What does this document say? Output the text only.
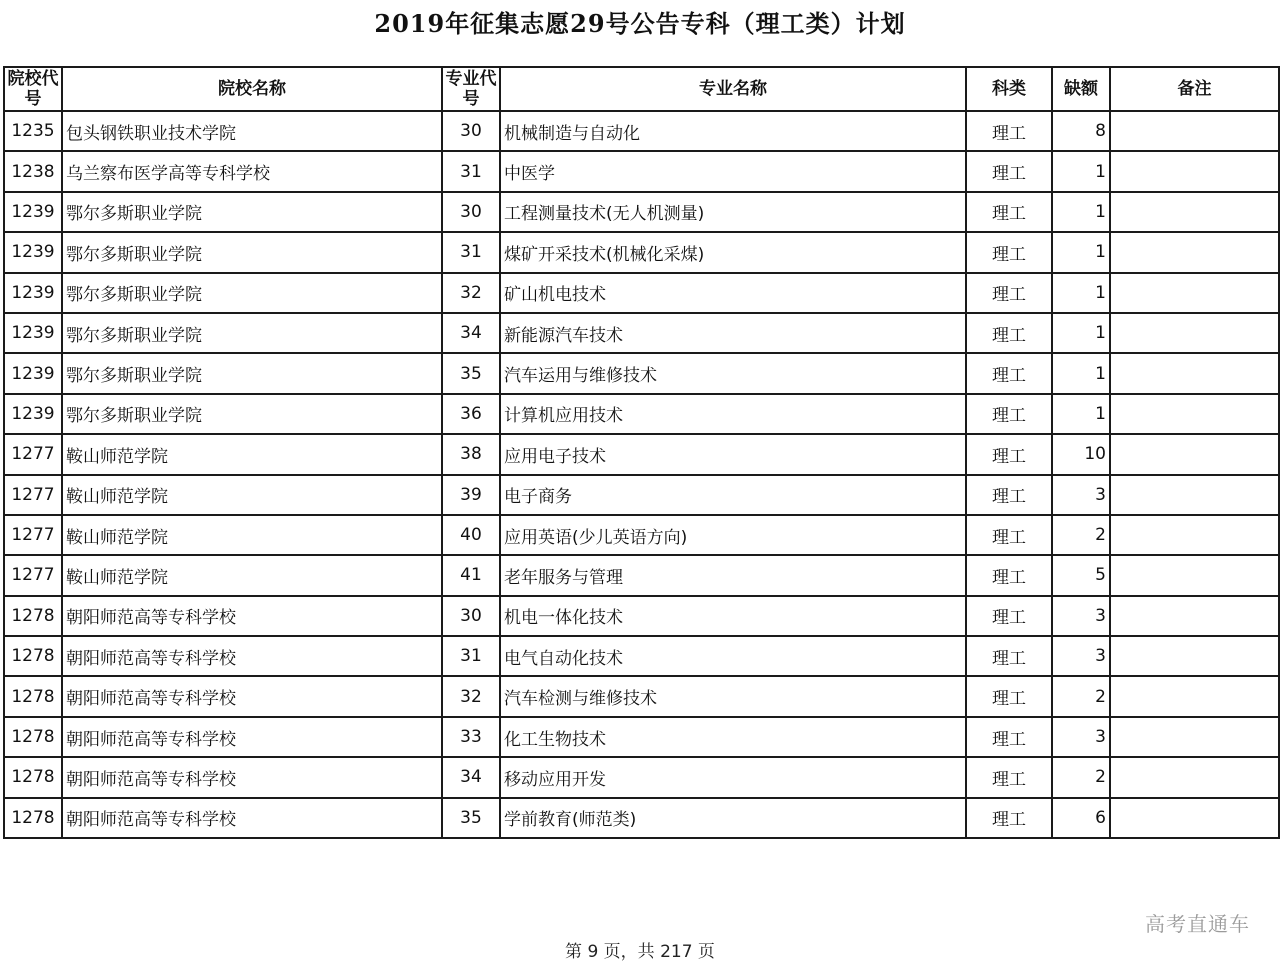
2019年征集志愿29号公告专科（理工类）计划
院校代号	院校名称	专业代号	专业名称	科类	缺额	备注
1235	包头钢铁职业技术学院	30	机械制造与自动化	理工	8	
1238	乌兰察布医学高等专科学校	31	中医学	理工	1	
1239	鄂尔多斯职业学院	30	工程测量技术(无人机测量)	理工	1	
1239	鄂尔多斯职业学院	31	煤矿开采技术(机械化采煤)	理工	1	
1239	鄂尔多斯职业学院	32	矿山机电技术	理工	1	
1239	鄂尔多斯职业学院	34	新能源汽车技术	理工	1	
1239	鄂尔多斯职业学院	35	汽车运用与维修技术	理工	1	
1239	鄂尔多斯职业学院	36	计算机应用技术	理工	1	
1277	鞍山师范学院	38	应用电子技术	理工	10	
1277	鞍山师范学院	39	电子商务	理工	3	
1277	鞍山师范学院	40	应用英语(少儿英语方向)	理工	2	
1277	鞍山师范学院	41	老年服务与管理	理工	5	
1278	朝阳师范高等专科学校	30	机电一体化技术	理工	3	
1278	朝阳师范高等专科学校	31	电气自动化技术	理工	3	
1278	朝阳师范高等专科学校	32	汽车检测与维修技术	理工	2	
1278	朝阳师范高等专科学校	33	化工生物技术	理工	3	
1278	朝阳师范高等专科学校	34	移动应用开发	理工	2	
1278	朝阳师范高等专科学校	35	学前教育(师范类)	理工	6	
高考直通车
第 9 页，共 217 页
